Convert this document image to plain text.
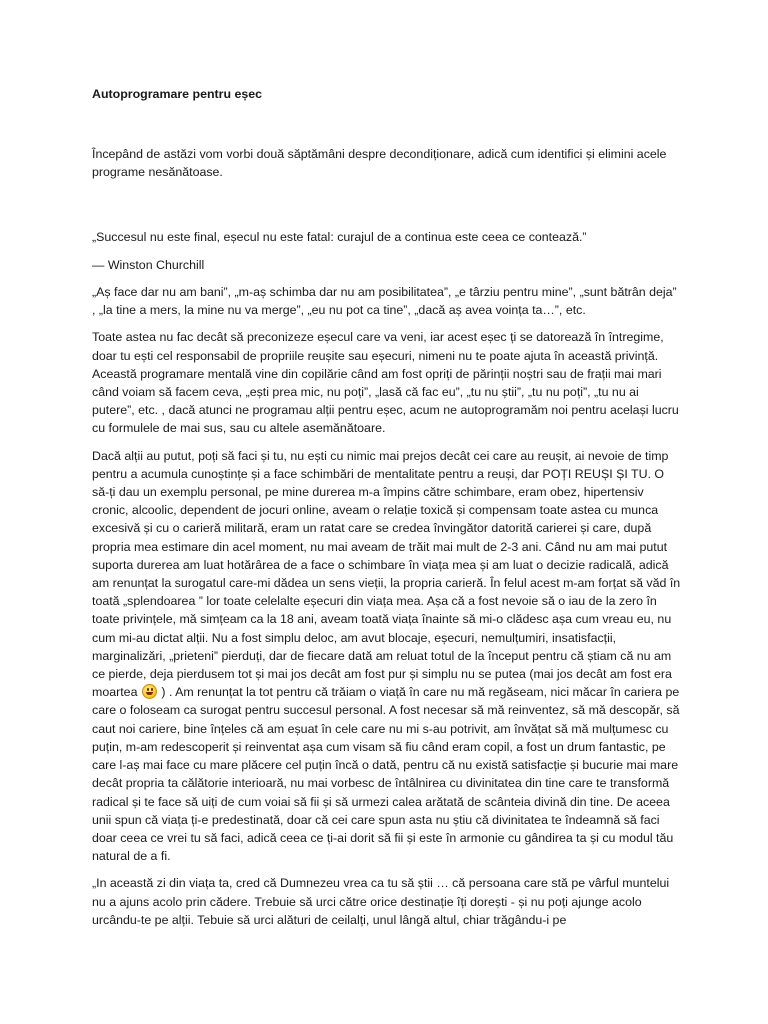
Autoprogramare pentru eșec

Începând de astăzi vom vorbi două săptămâni despre decondiționare, adică cum identifici și elimini acele programe nesănătoase.

„Succesul nu este final, eșecul nu este fatal: curajul de a continua este ceea ce contează.”

— Winston Churchill

„Aș face dar nu am bani”, „m-aș schimba dar nu am posibilitatea”, „e târziu pentru mine”, „sunt bătrân deja” , „la tine a mers, la mine nu va merge”, „eu nu pot ca tine”, „dacă aș avea voința ta…”, etc.

Toate astea nu fac decât să preconizeze eșecul care va veni, iar acest eșec ți se datorează în întregime, doar tu ești cel responsabil de propriile reușite sau eșecuri, nimeni nu te poate ajuta în această privință. Această programare mentală vine din copilărie când am fost opriți de părinții noștri sau de frații mai mari când voiam să facem ceva, „ești prea mic, nu poți”, „lasă că fac eu”, „tu nu știi”, „tu nu poți”, „tu nu ai putere”, etc. , dacă atunci ne programau alții pentru eșec, acum ne autoprogramăm noi pentru același lucru cu formulele de mai sus, sau cu altele asemănătoare.

Dacă alții au putut, poți să faci și tu, nu ești cu nimic mai prejos decât cei care au reușit, ai nevoie de timp pentru a acumula cunoștințe și a face schimbări de mentalitate pentru a reuși, dar POȚI REUȘI ȘI TU. O să-ți dau un exemplu personal, pe mine durerea m-a împins către schimbare, eram obez, hipertensiv cronic, alcoolic, dependent de jocuri online, aveam o relație toxică și compensam toate astea cu munca excesivă și cu o carieră militară, eram un ratat care se credea învingător datorită carierei și care, după propria mea estimare din acel moment, nu mai aveam de trăit mai mult de 2-3 ani. Când nu am mai putut suporta durerea am luat hotărârea de a face o schimbare în viața mea și am luat o decizie radicală, adică am renunțat la surogatul care-mi dădea un sens vieții, la propria carieră. În felul acest m-am forțat să văd în toată „splendoarea ” lor toate celelalte eșecuri din viața mea. Așa că a fost nevoie să o iau de la zero în toate privințele, mă simțeam ca la 18 ani, aveam toată viața înainte să mi-o clădesc așa cum vreau eu, nu cum mi-au dictat alții. Nu a fost simplu deloc, am avut blocaje, eșecuri, nemulțumiri, insatisfacții, marginalizări, „prieteni” pierduți, dar de fiecare dată am reluat totul de la început pentru că știam că nu am ce pierde, deja pierdusem tot și mai jos decât am fost pur și simplu nu se putea (mai jos decât am fost era moartea ) . Am renunțat la tot pentru că trăiam o viață în care nu mă regăseam, nici măcar în cariera pe care o foloseam ca surogat pentru succesul personal. A fost necesar să mă reinventez, să mă descopăr, să caut noi cariere, bine înțeles că am eșuat în cele care nu mi s-au potrivit, am învățat să mă mulțumesc cu puțin, m-am redescoperit și reinventat așa cum visam să fiu când eram copil, a fost un drum fantastic, pe care l-aș mai face cu mare plăcere cel puțin încă o dată, pentru că nu există satisfacție și bucurie mai mare decât propria ta călătorie interioară, nu mai vorbesc de întâlnirea cu divinitatea din tine care te transformă radical și te face să uiți de cum voiai să fii și să urmezi calea arătată de scânteia divină din tine. De aceea unii spun că viața ți-e predestinată, doar că cei care spun asta nu știu că divinitatea te îndeamnă să faci doar ceea ce vrei tu să faci, adică ceea ce ți-ai dorit să fii și este în armonie cu gândirea ta și cu modul tău natural de a fi.

„In această zi din viața ta, cred că Dumnezeu vrea ca tu să știi … că persoana care stă pe vârful muntelui nu a ajuns acolo prin cădere. Trebuie să urci către orice destinație îți dorești - și nu poți ajunge acolo urcându-te pe alții. Tebuie să urci alături de ceilalți, unul lângă altul, chiar trăgându-i pe
